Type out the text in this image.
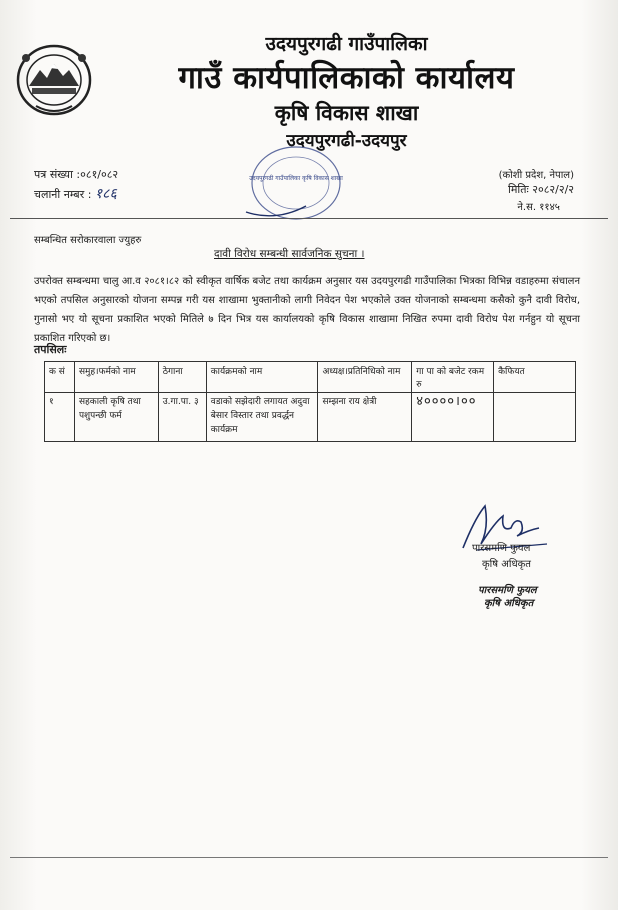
उदयपुरगढी गाउँपालिका
गाउँ कार्यपालिकाको कार्यालय
कृषि विकास शाखा
उदयपुरगढी-उदयपुर
उदयपुरगढी गाउँपालिका कृषि विकास शाखा
पत्र संख्या :०८१/०८२
चलानी नम्बर : १८६
(कोशी प्रदेश, नेपाल)
मितिः २०८२/२/२
ने.स. ११४५
सम्बन्धित सरोकारवाला ज्युहरु
दावी विरोध सम्बन्धी सार्वजनिक सुचना ।
उपरोक्त सम्बन्धमा चालु आ.व २०८१।८२ को स्वीकृत वार्षिक बजेट तथा कार्यक्रम अनुसार यस उदयपुरगढी गाउँपालिका भित्रका विभिन्न वडाहरुमा संचालन भएको तपसिल अनुसारको योजना सम्पन्न गरी यस शाखामा भुक्तानीको लागी निवेदन पेश भएकोले उक्त योजनाको सम्बन्धमा कसैको कुनै दावी विरोध, गुनासो भए यो सूचना प्रकाशित भएको मितिले ७ दिन भित्र यस कार्यालयको कृषि विकास शाखामा निखित रुपमा दावी विरोध पेश गर्नहुन यो सूचना प्रकाशित गरिएको छ।
तपसिलः
क सं	समुह।फर्मको नाम	ठेगाना	कार्यक्रमको नाम	अध्यक्ष।प्रतिनिधिको नाम	गा पा को बजेट रकम रु	कैफियत
१	सहकाली कृषि तथा पशुपन्छी फर्म	उ.गा.पा. ३	वडाको सझेदारी लगायत अदुवा बेसार विस्तार तथा प्रवर्द्धन कार्यक्रम	सम्झना राय क्षेत्री	४००००।००	
पारसमणि फुयल
कृषि अधिकृत
पारसमणि फुयल
कृषि अधिकृत
